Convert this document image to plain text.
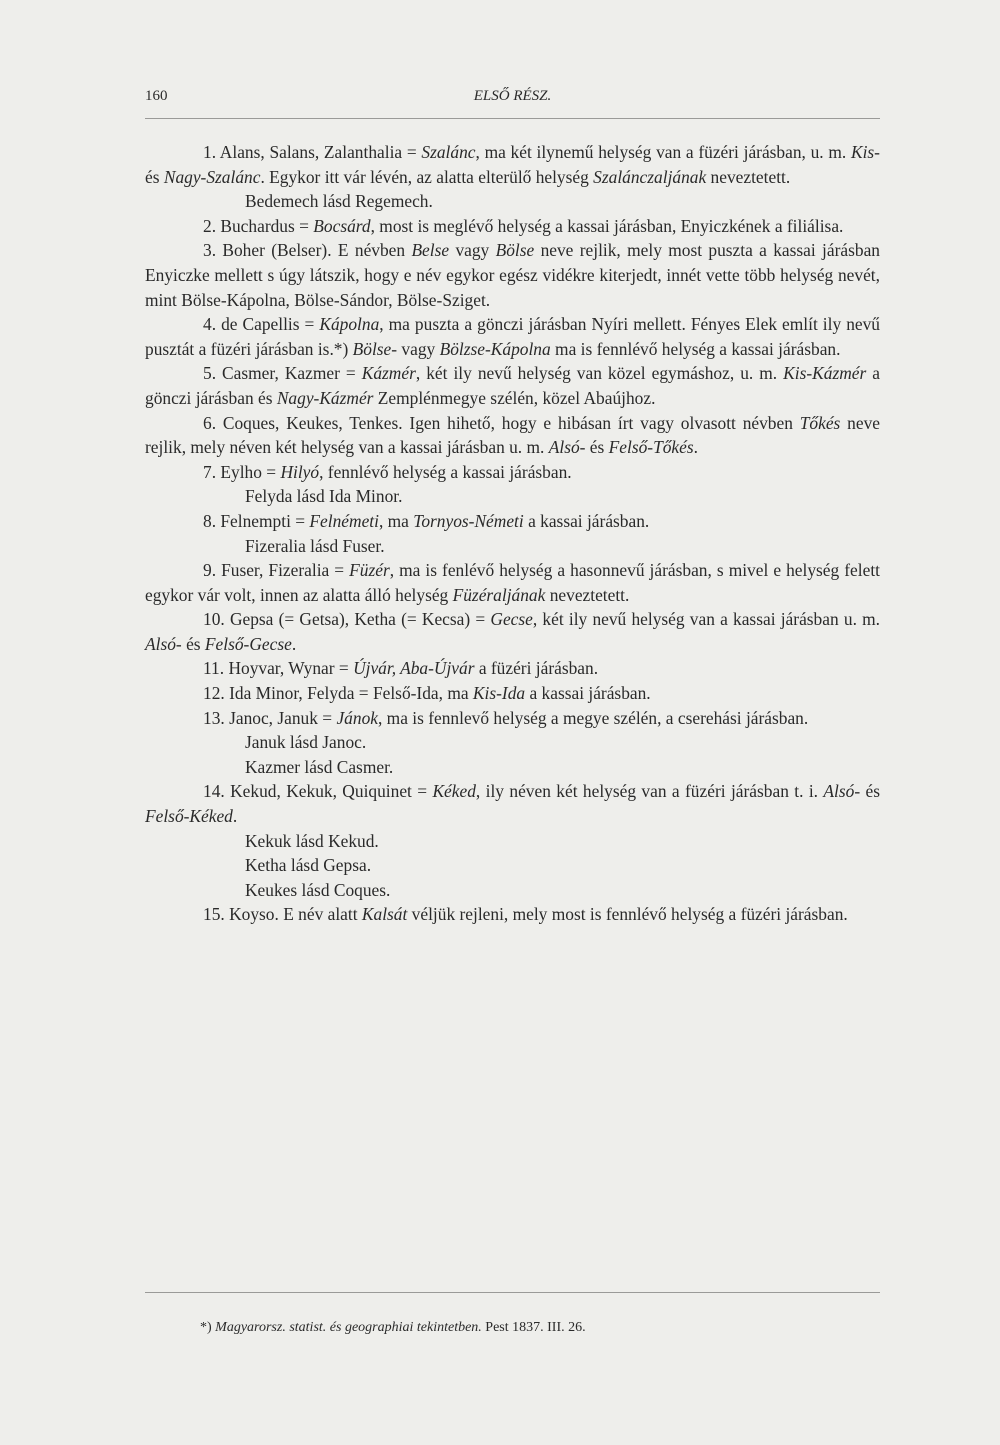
160	ELSŐ RÉSZ.

1. Alans, Salans, Zalanthalia = Szalánc, ma két ilynemű helység van a füzéri járásban, u. m. Kis- és Nagy-Szalánc. Egykor itt vár lévén, az alatta elterülő helység Szalánczaljának neveztetett.

Bedemech lásd Regemech.

2. Buchardus = Bocsárd, most is meglévő helység a kassai járásban, Enyiczkének a filiálisa.

3. Boher (Belser). E névben Belse vagy Bölse neve rejlik, mely most puszta a kassai járásban Enyiczke mellett s úgy látszik, hogy e név egykor egész vidékre kiterjedt, innét vette több helység nevét, mint Bölse-Kápolna, Bölse-Sándor, Bölse-Sziget.

4. de Capellis = Kápolna, ma puszta a gönczi járásban Nyíri mellett. Fényes Elek említ ily nevű pusztát a füzéri járásban is.*) Bölse- vagy Bölzse-Kápolna ma is fennlévő helység a kassai járásban.

5. Casmer, Kazmer = Kázmér, két ily nevű helység van közel egymáshoz, u. m. Kis-Kázmér a gönczi járásban és Nagy-Kázmér Zemplénmegye szélén, közel Abaújhoz.

6. Coques, Keukes, Tenkes. Igen hihető, hogy e hibásan írt vagy olvasott névben Tőkés neve rejlik, mely néven két helység van a kassai járásban u. m. Alsó- és Felső-Tőkés.

7. Eylho = Hilyó, fennlévő helység a kassai járásban.

Felyda lásd Ida Minor.

8. Felnempti = Felnémeti, ma Tornyos-Németi a kassai járásban.

Fizeralia lásd Fuser.

9. Fuser, Fizeralia = Füzér, ma is fenlévő helység a hasonnevű járásban, s mivel e helység felett egykor vár volt, innen az alatta álló helység Füzéraljának neveztetett.

10. Gepsa (= Getsa), Ketha (= Kecsa) = Gecse, két ily nevű helység van a kassai járásban u. m. Alsó- és Felső-Gecse.

11. Hoyvar, Wynar = Újvár, Aba-Újvár a füzéri járásban.

12. Ida Minor, Felyda = Felső-Ida, ma Kis-Ida a kassai járásban.

13. Janoc, Januk = Jánok, ma is fennlevő helység a megye szélén, a cserehási járásban.

Januk lásd Janoc.

Kazmer lásd Casmer.

14. Kekud, Kekuk, Quiquinet = Kéked, ily néven két helység van a füzéri járásban t. i. Alsó- és Felső-Kéked.

Kekuk lásd Kekud.

Ketha lásd Gepsa.

Keukes lásd Coques.

15. Koyso. E név alatt Kalsát véljük rejleni, mely most is fennlévő helység a füzéri járásban.

*) Magyarorsz. statist. és geographiai tekintetben. Pest 1837. III. 26.
